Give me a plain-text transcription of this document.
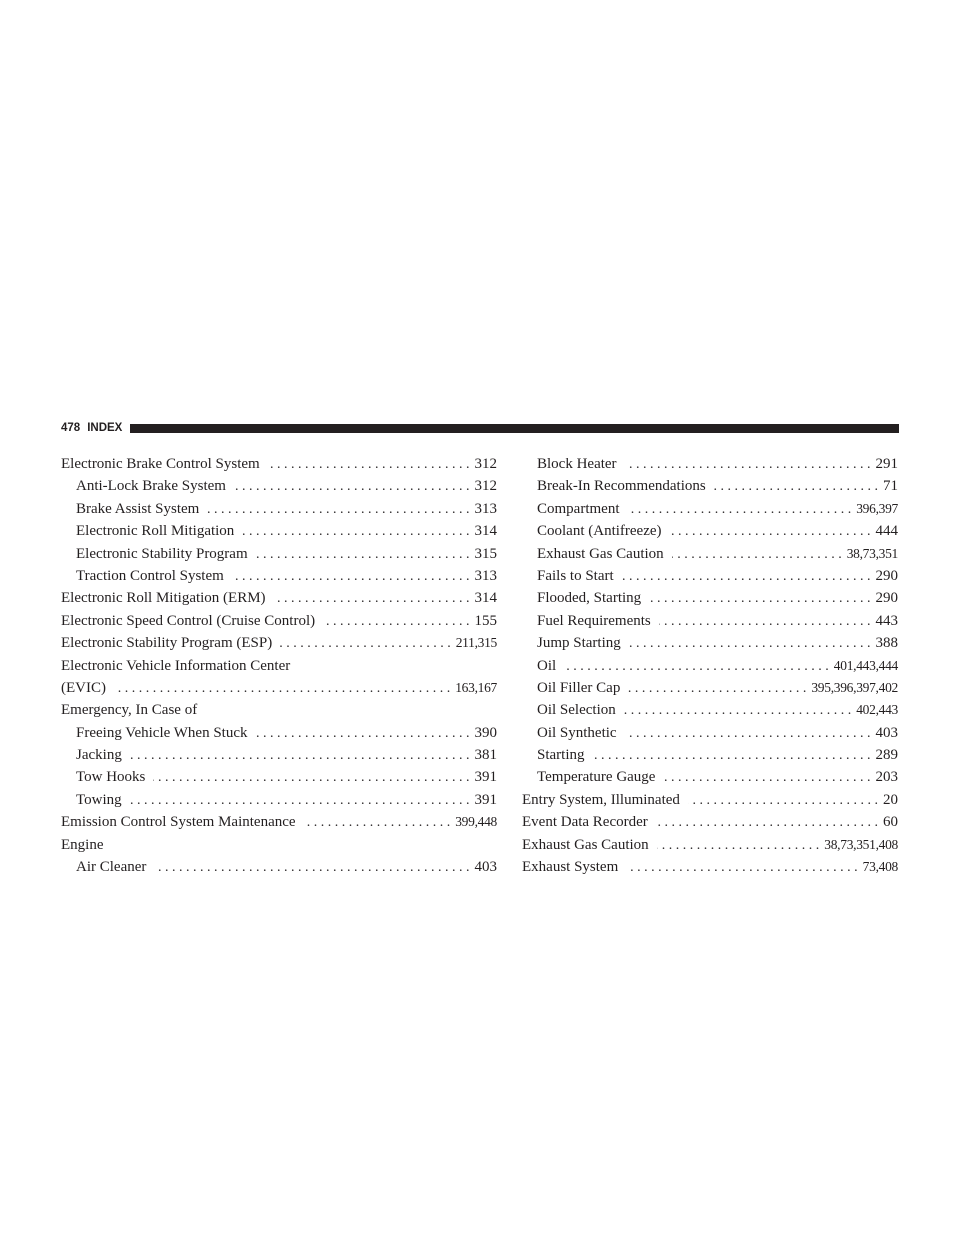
478 INDEX
Electronic Brake Control System . . .	312
Anti-Lock Brake System . . .	312
Brake Assist System . . .	313
Electronic Roll Mitigation . . .	314
Electronic Stability Program . . .	315
Traction Control System . . .	313
Electronic Roll Mitigation (ERM) . . .	314
Electronic Speed Control (Cruise Control) . . .	155
Electronic Stability Program (ESP) . . .	211,315
Electronic Vehicle Information Center
(EVIC) . . .	163,167
Emergency, In Case of
Freeing Vehicle When Stuck . . .	390
Jacking . . .	381
Tow Hooks . . .	391
Towing . . .	391
Emission Control System Maintenance . . .	399,448
Engine
Air Cleaner . . .	403
Block Heater . . .	291
Break-In Recommendations . . .	71
Compartment . . .	396,397
Coolant (Antifreeze) . . .	444
Exhaust Gas Caution . . .	38,73,351
Fails to Start . . .	290
Flooded, Starting . . .	290
Fuel Requirements . . .	443
Jump Starting . . .	388
Oil . . .	401,443,444
Oil Filler Cap . . .	395,396,397,402
Oil Selection . . .	402,443
Oil Synthetic . . .	403
Starting . . .	289
Temperature Gauge . . .	203
Entry System, Illuminated . . .	20
Event Data Recorder . . .	60
Exhaust Gas Caution . . .	38,73,351,408
Exhaust System . . .	73,408
